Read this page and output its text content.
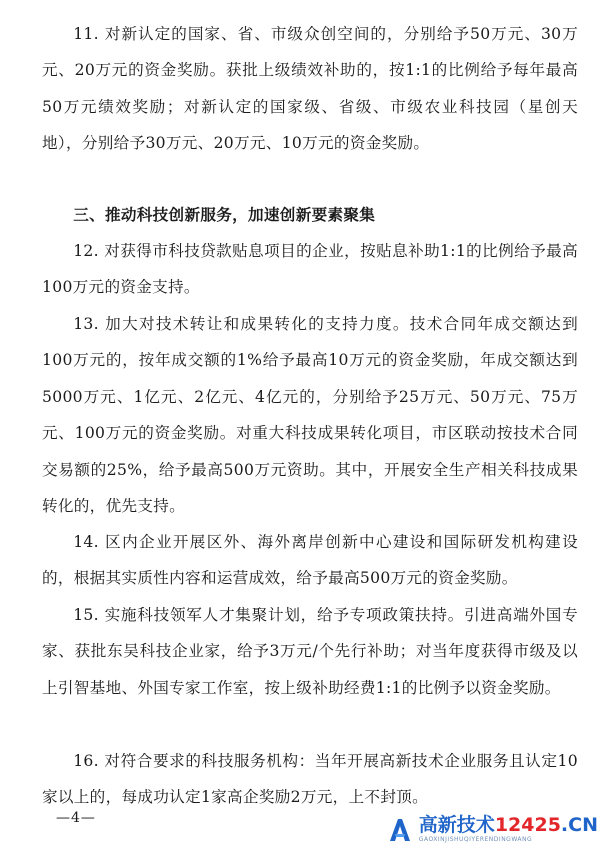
11. 对新认定的国家、省、市级众创空间的，分别给予50万元、30万元、20万元的资金奖励。获批上级绩效补助的，按1:1的比例给予每年最高50万元绩效奖励；对新认定的国家级、省级、市级农业科技园（星创天地），分别给予30万元、20万元、10万元的资金奖励。

三、推动科技创新服务，加速创新要素聚集

12. 对获得市科技贷款贴息项目的企业，按贴息补助1:1的比例给予最高100万元的资金支持。

13. 加大对技术转让和成果转化的支持力度。技术合同年成交额达到100万元的，按年成交额的1%给予最高10万元的资金奖励，年成交额达到5000万元、1亿元、2亿元、4亿元的，分别给予25万元、50万元、75万元、100万元的资金奖励。对重大科技成果转化项目，市区联动按技术合同交易额的25%，给予最高500万元资助。其中，开展安全生产相关科技成果转化的，优先支持。

14. 区内企业开展区外、海外离岸创新中心建设和国际研发机构建设的，根据其实质性内容和运营成效，给予最高500万元的资金奖励。

15. 实施科技领军人才集聚计划，给予专项政策扶持。引进高端外国专家、获批东吴科技企业家，给予3万元/个先行补助；对当年度获得市级及以上引智基地、外国专家工作室，按上级补助经费1:1的比例予以资金奖励。

16. 对符合要求的科技服务机构：当年开展高新技术企业服务且认定10家以上的，每成功认定1家高企奖励2万元，上不封顶。

—4—	高新技术12425.CN
GAOXINJISHUQIYERENDINGWANG
